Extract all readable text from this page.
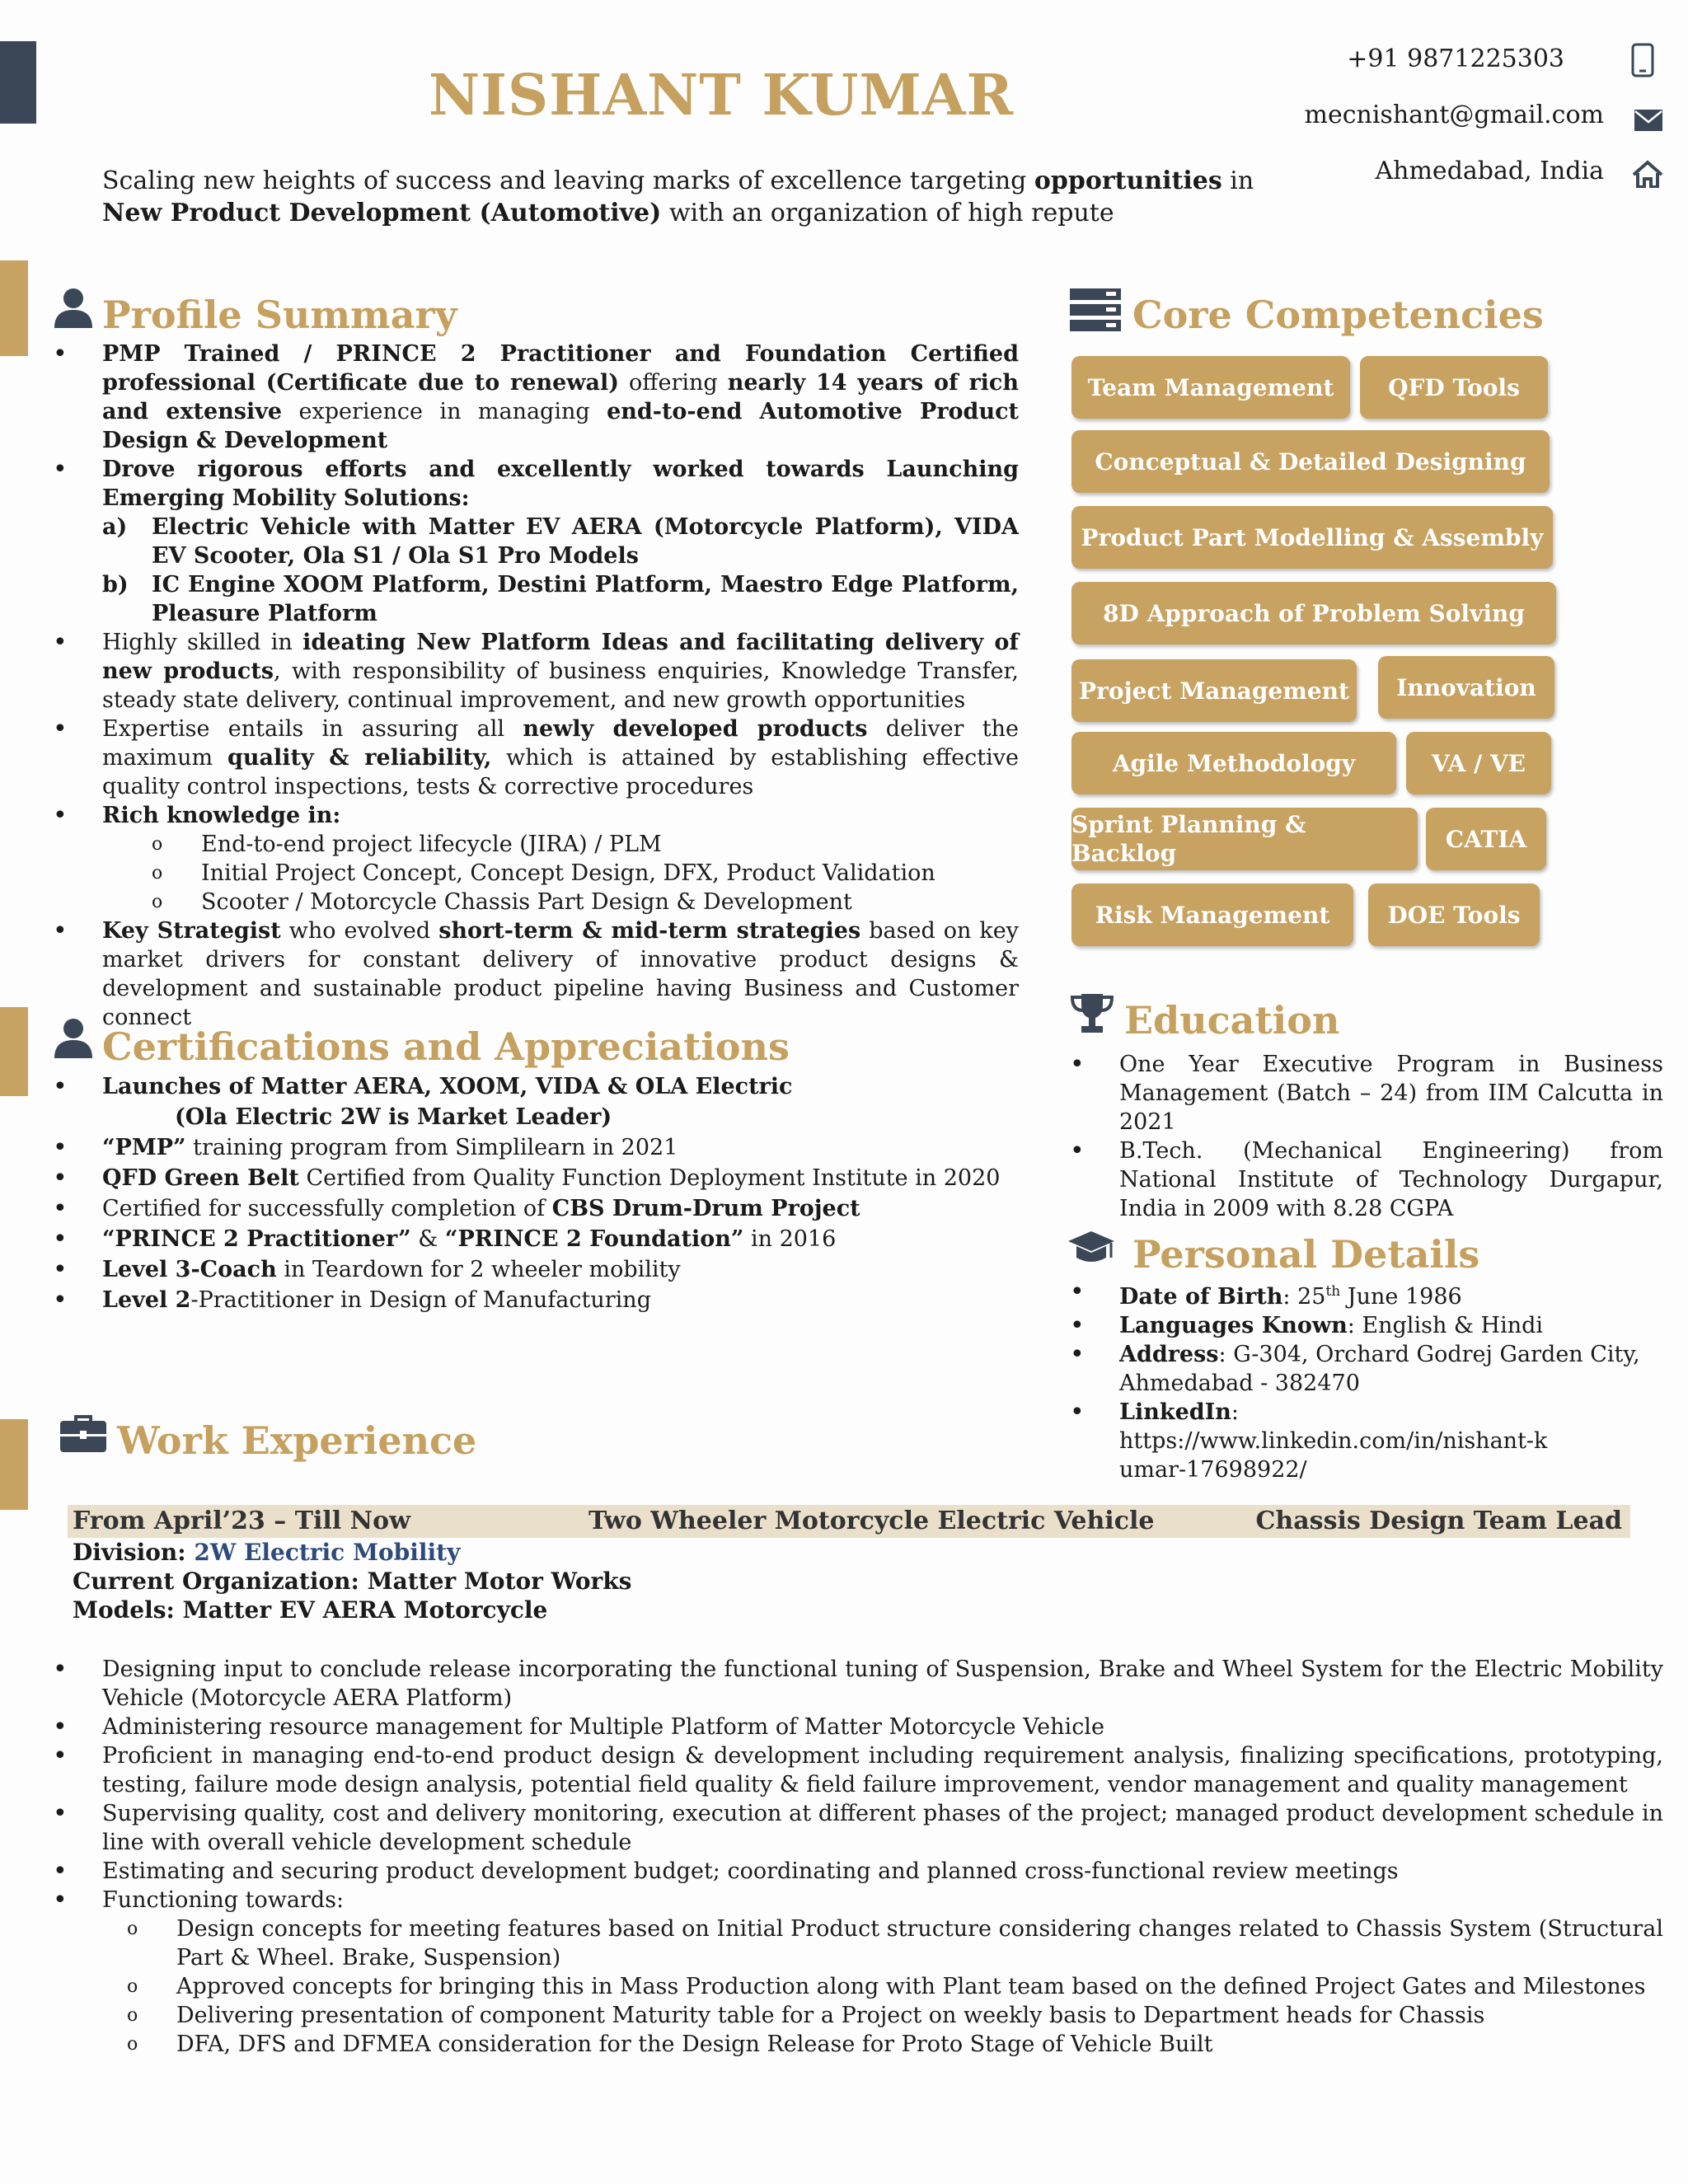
NISHANT KUMAR
Scaling new heights of success and leaving marks of excellence targeting opportunities in New Product Development (Automotive) with an organization of high repute
+91 9871225303
mecnishant@gmail.com
Ahmedabad, India
Profile Summary
• PMP Trained / PRINCE 2 Practitioner and Foundation Certified professional (Certificate due to renewal) offering nearly 14 years of rich and extensive experience in managing end-to-end Automotive Product Design & Development
• Drove rigorous efforts and excellently worked towards Launching Emerging Mobility Solutions:
a) Electric Vehicle with Matter EV AERA (Motorcycle Platform), VIDA EV Scooter, Ola S1 / Ola S1 Pro Models
b) IC Engine XOOM Platform, Destini Platform, Maestro Edge Platform, Pleasure Platform
• Highly skilled in ideating New Platform Ideas and facilitating delivery of new products, with responsibility of business enquiries, Knowledge Transfer, steady state delivery, continual improvement, and new growth opportunities
• Expertise entails in assuring all newly developed products deliver the maximum quality & reliability, which is attained by establishing effective quality control inspections, tests & corrective procedures
• Rich knowledge in:
o End-to-end project lifecycle (JIRA) / PLM
o Initial Project Concept, Concept Design, DFX, Product Validation
o Scooter / Motorcycle Chassis Part Design & Development
• Key Strategist who evolved short-term & mid-term strategies based on key market drivers for constant delivery of innovative product designs & development and sustainable product pipeline having Business and Customer connect
Certifications and Appreciations
• Launches of Matter AERA, XOOM, VIDA & OLA Electric
(Ola Electric 2W is Market Leader)
• “PMP” training program from Simplilearn in 2021
• QFD Green Belt Certified from Quality Function Deployment Institute in 2020
• Certified for successfully completion of CBS Drum-Drum Project
• “PRINCE 2 Practitioner” & “PRINCE 2 Foundation” in 2016
• Level 3-Coach in Teardown for 2 wheeler mobility
• Level 2-Practitioner in Design of Manufacturing
Core Competencies
Team Management	QFD Tools
Conceptual & Detailed Designing
Product Part Modelling & Assembly
8D Approach of Problem Solving
Project Management	Innovation
Agile Methodology	VA / VE
Sprint Planning & Backlog
CATIA
Risk Management	DOE Tools
Education
• One Year Executive Program in Business Management (Batch – 24) from IIM Calcutta in 2021
• B.Tech. (Mechanical Engineering) from National Institute of Technology Durgapur, India in 2009 with 8.28 CGPA
Personal Details
• Date of Birth: 25th June 1986
• Languages Known: English & Hindi
• Address: G-304, Orchard Godrej Garden City, Ahmedabad - 382470
• LinkedIn:
https://www.linkedin.com/in/nishant-kumar-17698922/
Work Experience
From April’23 – Till Now	Two Wheeler Motorcycle Electric Vehicle	Chassis Design Team Lead
Division: 2W Electric Mobility
Current Organization: Matter Motor Works
Models: Matter EV AERA Motorcycle
• Designing input to conclude release incorporating the functional tuning of Suspension, Brake and Wheel System for the Electric Mobility Vehicle (Motorcycle AERA Platform)
• Administering resource management for Multiple Platform of Matter Motorcycle Vehicle
• Proficient in managing end-to-end product design & development including requirement analysis, finalizing specifications, prototyping, testing, failure mode design analysis, potential field quality & field failure improvement, vendor management and quality management
• Supervising quality, cost and delivery monitoring, execution at different phases of the project; managed product development schedule in line with overall vehicle development schedule
• Estimating and securing product development budget; coordinating and planned cross-functional review meetings
• Functioning towards:
o Design concepts for meeting features based on Initial Product structure considering changes related to Chassis System (Structural Part & Wheel. Brake, Suspension)
o Approved concepts for bringing this in Mass Production along with Plant team based on the defined Project Gates and Milestones
o Delivering presentation of component Maturity table for a Project on weekly basis to Department heads for Chassis
o DFA, DFS and DFMEA consideration for the Design Release for Proto Stage of Vehicle Built
